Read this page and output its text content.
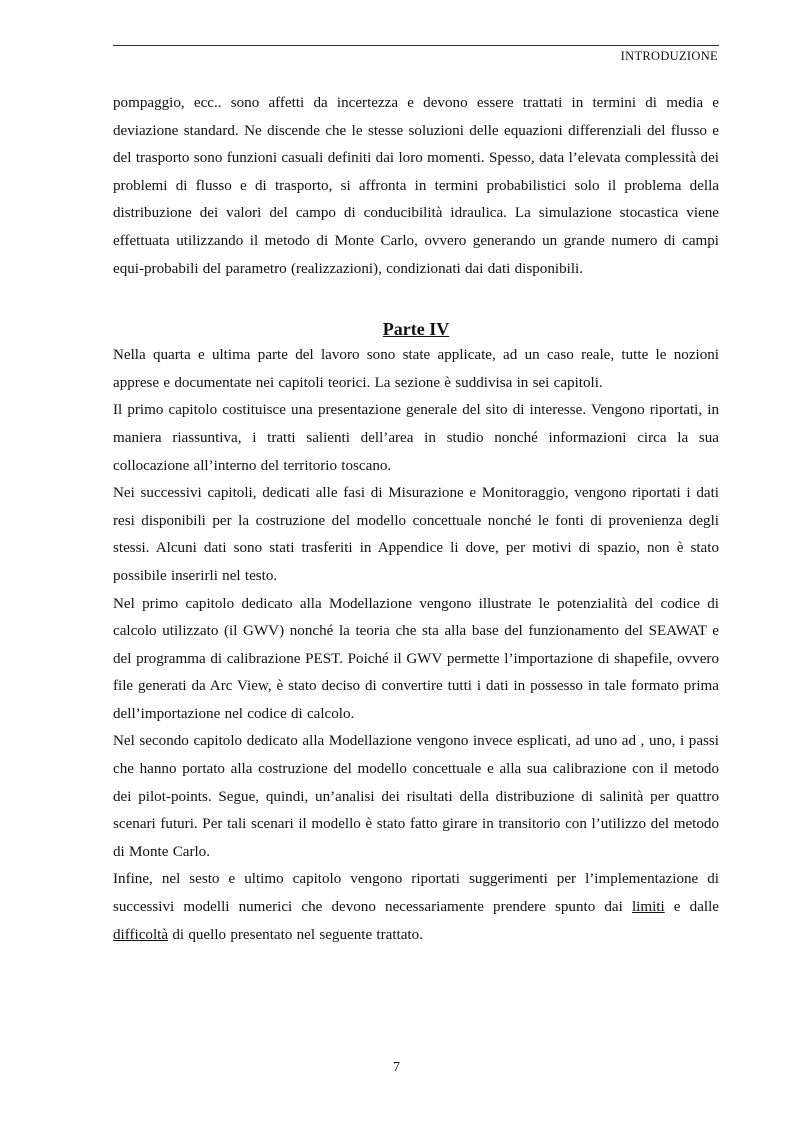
INTRODUZIONE

pompaggio, ecc.. sono affetti da incertezza e devono essere trattati in termini di media e deviazione standard. Ne discende che le stesse soluzioni delle equazioni differenziali del flusso e del trasporto sono funzioni casuali definiti dai loro momenti. Spesso, data l’elevata complessità dei problemi di flusso e di trasporto, si affronta in termini probabilistici solo il problema della distribuzione dei valori del campo di conducibilità idraulica. La simulazione stocastica viene effettuata utilizzando il metodo di Monte Carlo, ovvero generando un grande numero di campi equi-probabili del parametro (realizzazioni), condizionati dai dati disponibili.

Parte IV

Nella quarta e ultima parte del lavoro sono state applicate, ad un caso reale, tutte le nozioni apprese e documentate nei capitoli teorici. La sezione è suddivisa in sei capitoli.

Il primo capitolo costituisce una presentazione generale del sito di interesse. Vengono riportati, in maniera riassuntiva, i tratti salienti dell’area in studio nonché informazioni circa la sua collocazione all’interno del territorio toscano.

Nei successivi capitoli, dedicati alle fasi di Misurazione e Monitoraggio, vengono riportati i dati resi disponibili per la costruzione del modello concettuale nonché le fonti di provenienza degli stessi. Alcuni dati sono stati trasferiti in Appendice li dove, per motivi di spazio, non è stato possibile inserirli nel testo.

Nel primo capitolo dedicato alla Modellazione vengono illustrate le potenzialità del codice di calcolo utilizzato (il GWV) nonché la teoria che sta alla base del funzionamento del SEAWAT e del programma di calibrazione PEST. Poiché il GWV permette l’importazione di shapefile, ovvero file generati da Arc View, è stato deciso di convertire tutti i dati in possesso in tale formato prima dell’importazione nel codice di calcolo.

Nel secondo capitolo dedicato alla Modellazione vengono invece esplicati, ad uno ad , uno, i passi che hanno portato alla costruzione del modello concettuale e alla sua calibrazione con il metodo dei pilot-points. Segue, quindi, un’analisi dei risultati della distribuzione di salinità per quattro scenari futuri. Per tali scenari il modello è stato fatto girare in transitorio con l’utilizzo del metodo di Monte Carlo.

Infine, nel sesto e ultimo capitolo vengono riportati suggerimenti per l’implementazione di successivi modelli numerici che devono necessariamente prendere spunto dai limiti e dalle difficoltà di quello presentato nel seguente trattato.

7
